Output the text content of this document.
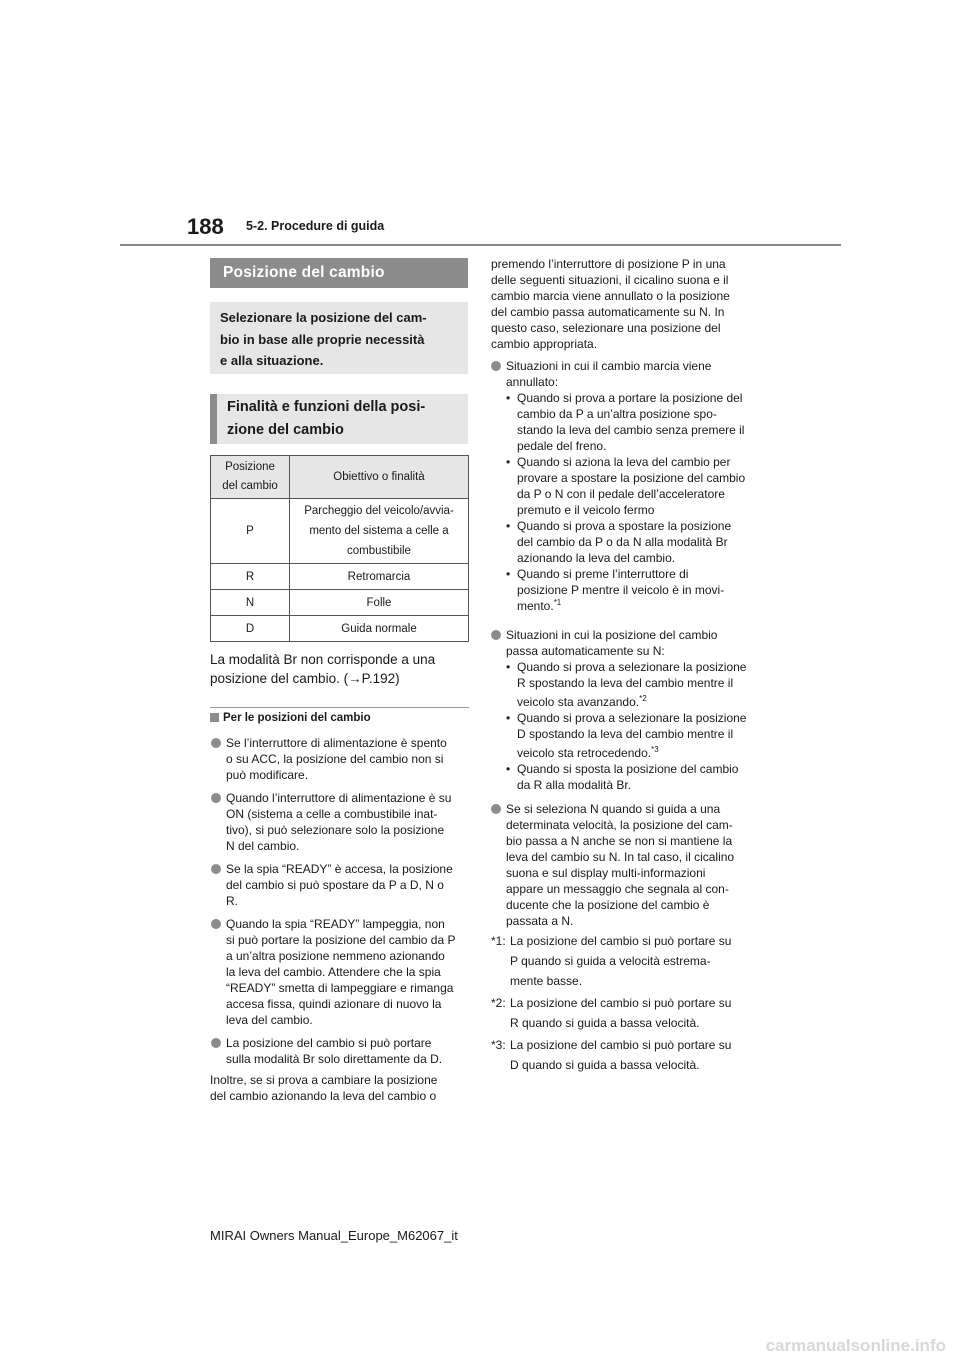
188 5-2. Procedure di guida
Posizione del cambio
Selezionare la posizione del cam-
bio in base alle proprie necessità
e alla situazione.
Finalità e funzioni della posi-
zione del cambio
Posizione
del cambio	Obiettivo o finalità

P	Parcheggio del veicolo/avvia-
mento del sistema a celle a
combustibile

R	Retromarcia
N	Folle
D	Guida normale
La modalità Br non corrisponde a una
posizione del cambio. (→P.192)
Per le posizioni del cambio
Se l’interruttore di alimentazione è spento
o su ACC, la posizione del cambio non si
può modificare.
Quando l’interruttore di alimentazione è su
ON (sistema a celle a combustibile inat-
tivo), si può selezionare solo la posizione
N del cambio.
Se la spia “READY” è accesa, la posizione
del cambio si può spostare da P a D, N o
R.
Quando la spia “READY” lampeggia, non
si può portare la posizione del cambio da P
a un’altra posizione nemmeno azionando
la leva del cambio. Attendere che la spia
“READY” smetta di lampeggiare e rimanga
accesa fissa, quindi azionare di nuovo la
leva del cambio.
La posizione del cambio si può portare
sulla modalità Br solo direttamente da D.
Inoltre, se si prova a cambiare la posizione
del cambio azionando la leva del cambio o
premendo l’interruttore di posizione P in una
delle seguenti situazioni, il cicalino suona e il
cambio marcia viene annullato o la posizione
del cambio passa automaticamente su N. In
questo caso, selezionare una posizione del
cambio appropriata.
Situazioni in cui il cambio marcia viene
annullato:
• Quando si prova a portare la posizione del
cambio da P a un’altra posizione spo-
stando la leva del cambio senza premere il
pedale del freno.
• Quando si aziona la leva del cambio per
provare a spostare la posizione del cambio
da P o N con il pedale dell’acceleratore
premuto e il veicolo fermo
• Quando si prova a spostare la posizione
del cambio da P o da N alla modalità Br
azionando la leva del cambio.
• Quando si preme l’interruttore di
posizione P mentre il veicolo è in movi-
mento.$^{*1}$
Situazioni in cui la posizione del cambio
passa automaticamente su N:
• Quando si prova a selezionare la posizione
R spostando la leva del cambio mentre il
veicolo sta avanzando.$^{*2}$
• Quando si prova a selezionare la posizione
D spostando la leva del cambio mentre il
veicolo sta retrocedendo.$^{*3}$
• Quando si sposta la posizione del cambio
da R alla modalità Br.
Se si seleziona N quando si guida a una
determinata velocità, la posizione del cam-
bio passa a N anche se non si mantiene la
leva del cambio su N. In tal caso, il cicalino
suona e sul display multi-informazioni
appare un messaggio che segnala al con-
ducente che la posizione del cambio è
passata a N.
*1: La posizione del cambio si può portare su
P quando si guida a velocità estrema-
mente basse.
*2: La posizione del cambio si può portare su
R quando si guida a bassa velocità.
*3: La posizione del cambio si può portare su
D quando si guida a bassa velocità.
MIRAI Owners Manual_Europe_M62067_it
carmanualsonline.info
